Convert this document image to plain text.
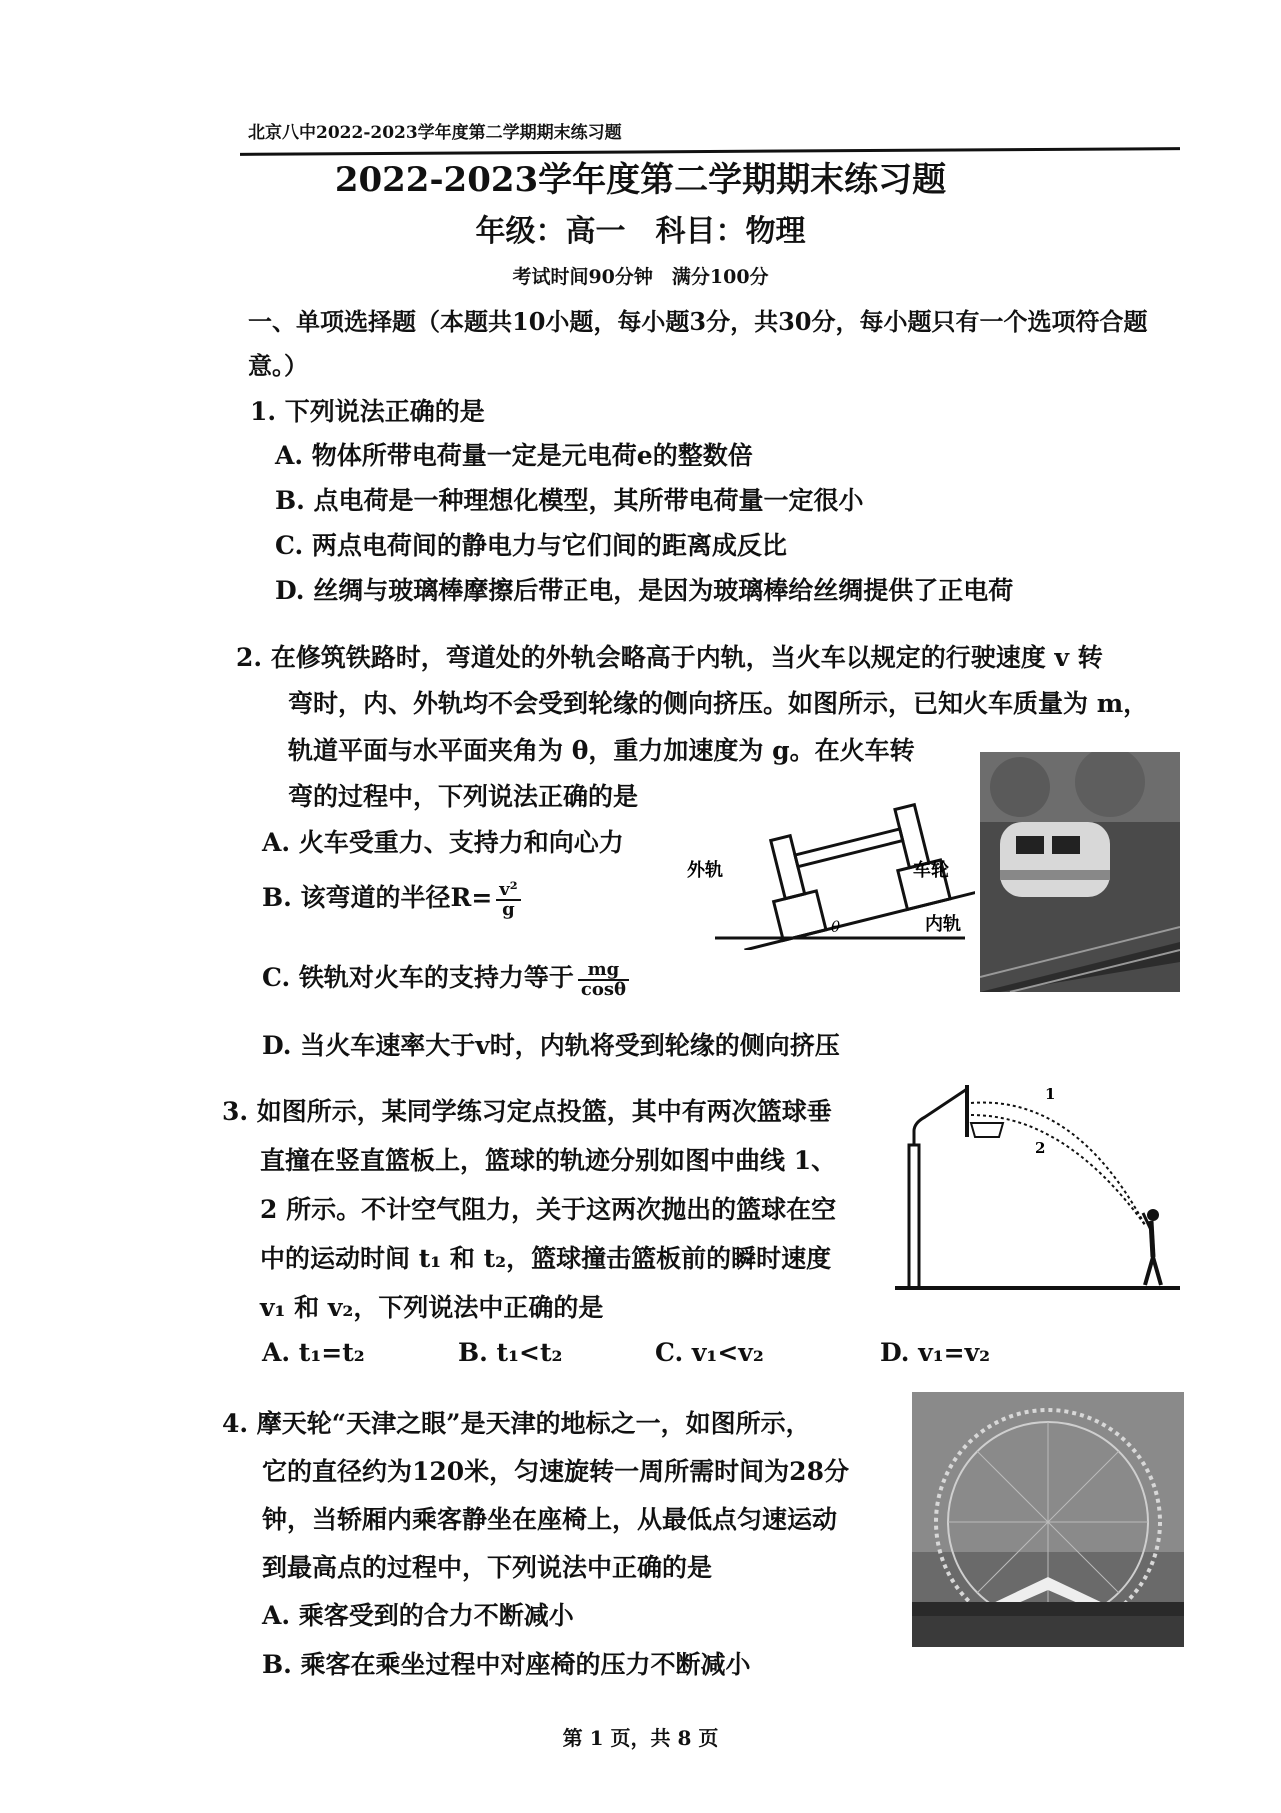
北京八中2022-2023学年度第二学期期末练习题
2022-2023学年度第二学期期末练习题
年级：高一　科目：物理
考试时间90分钟　满分100分
一、单项选择题（本题共10小题，每小题3分，共30分，每小题只有一个选项符合题意。）
1. 下列说法正确的是
A. 物体所带电荷量一定是元电荷e的整数倍
B. 点电荷是一种理想化模型，其所带电荷量一定很小
C. 两点电荷间的静电力与它们间的距离成反比
D. 丝绸与玻璃棒摩擦后带正电，是因为玻璃棒给丝绸提供了正电荷
2. 在修筑铁路时，弯道处的外轨会略高于内轨，当火车以规定的行驶速度 v 转
弯时，内、外轨均不会受到轮缘的侧向挤压。如图所示，已知火车质量为 m，
轨道平面与水平面夹角为 θ，重力加速度为 g。在火车转
弯的过程中，下列说法正确的是
A. 火车受重力、支持力和向心力
B. 该弯道的半径$R= \frac{\text{v²}}{g}$
C. 铁轨对火车的支持力等于 $\frac{mg}{\cos\theta}$
D. 当火车速率大于v时，内轨将受到轮缘的侧向挤压
外轨	车轮
内轨
θ
3. 如图所示，某同学练习定点投篮，其中有两次篮球垂
直撞在竖直篮板上，篮球的轨迹分别如图中曲线 1、
2 所示。不计空气阻力，关于这两次抛出的篮球在空
中的运动时间 t₁ 和 t₂，篮球撞击篮板前的瞬时速度
v₁ 和 v₂，下列说法中正确的是
A. t₁=t₂	B. t₁<t₂	C. v₁<v₂	D. v₁=v₂
1
2
4. 摩天轮“天津之眼”是天津的地标之一，如图所示，
它的直径约为120米，匀速旋转一周所需时间为28分
钟，当轿厢内乘客静坐在座椅上，从最低点匀速运动
到最高点的过程中，下列说法中正确的是
A. 乘客受到的合力不断减小
B. 乘客在乘坐过程中对座椅的压力不断减小
第 1 页，共 8 页
